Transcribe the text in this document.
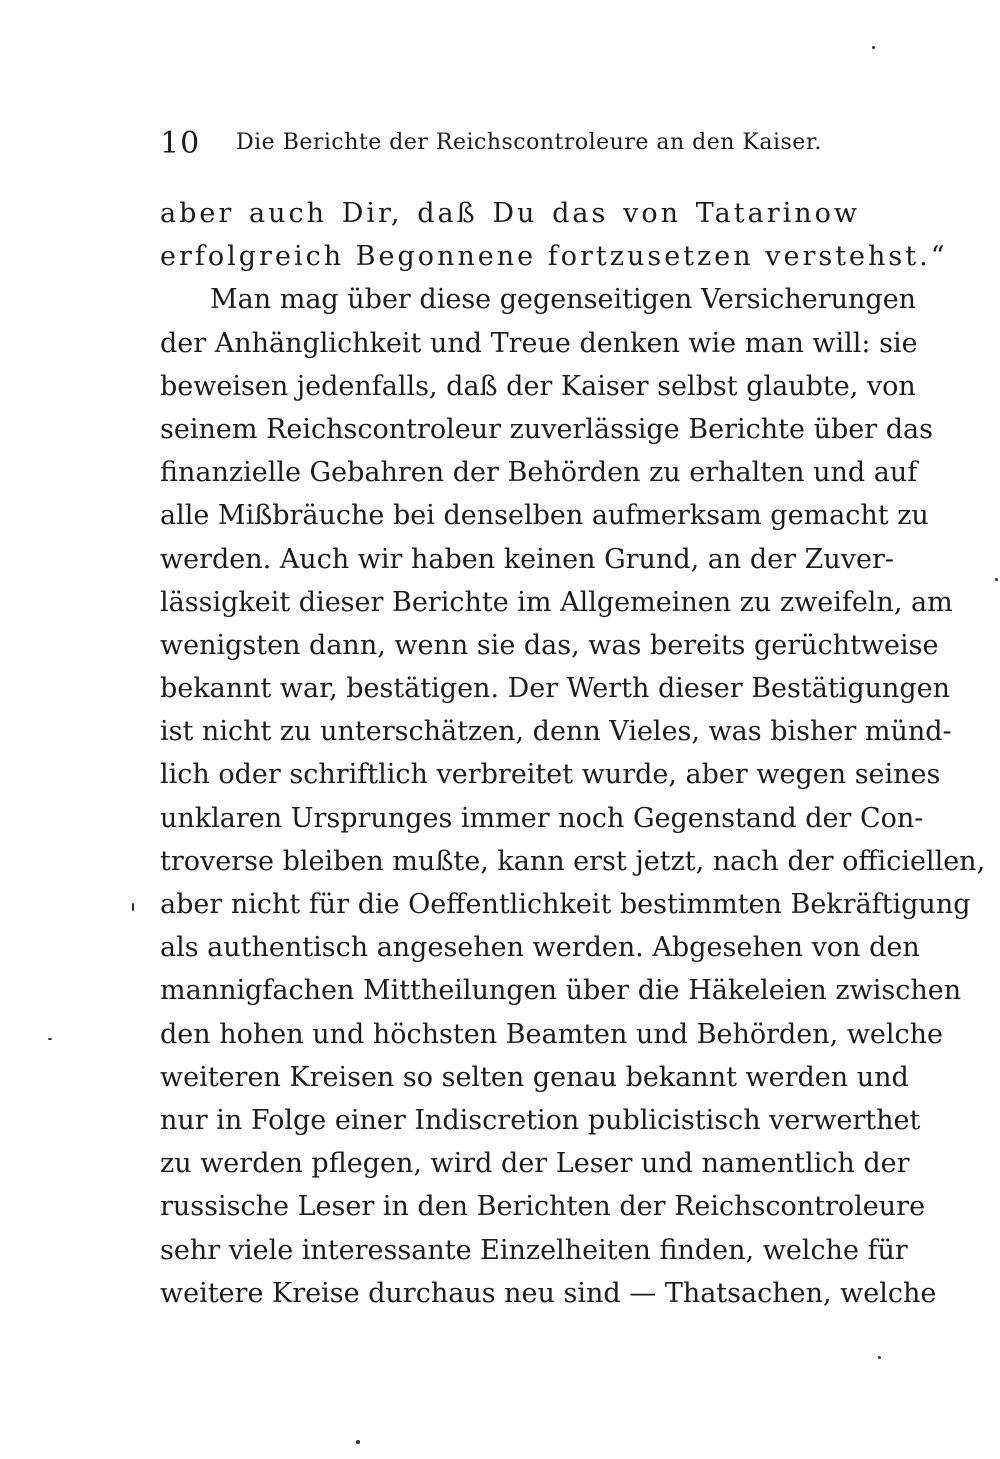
10 Die Berichte der Reichscontroleure an den Kaiser.
aber auch Dir, daß Du das von Tatarinow
erfolgreich Begonnene fortzusetzen verstehst.“
Man mag über diese gegenseitigen Versicherungen
der Anhänglichkeit und Treue denken wie man will: sie
beweisen jedenfalls, daß der Kaiser selbst glaubte, von
seinem Reichscontroleur zuverlässige Berichte über das
finanzielle Gebahren der Behörden zu erhalten und auf
alle Mißbräuche bei denselben aufmerksam gemacht zu
werden. Auch wir haben keinen Grund, an der Zuver-
lässigkeit dieser Berichte im Allgemeinen zu zweifeln, am
wenigsten dann, wenn sie das, was bereits gerüchtweise
bekannt war, bestätigen. Der Werth dieser Bestätigungen
ist nicht zu unterschätzen, denn Vieles, was bisher münd-
lich oder schriftlich verbreitet wurde, aber wegen seines
unklaren Ursprunges immer noch Gegenstand der Con-
troverse bleiben mußte, kann erst jetzt, nach der officiellen,
aber nicht für die Oeffentlichkeit bestimmten Bekräftigung
als authentisch angesehen werden. Abgesehen von den
mannigfachen Mittheilungen über die Häkeleien zwischen
den hohen und höchsten Beamten und Behörden, welche
weiteren Kreisen so selten genau bekannt werden und
nur in Folge einer Indiscretion publicistisch verwerthet
zu werden pflegen, wird der Leser und namentlich der
russische Leser in den Berichten der Reichscontroleure
sehr viele interessante Einzelheiten finden, welche für
weitere Kreise durchaus neu sind — Thatsachen, welche
